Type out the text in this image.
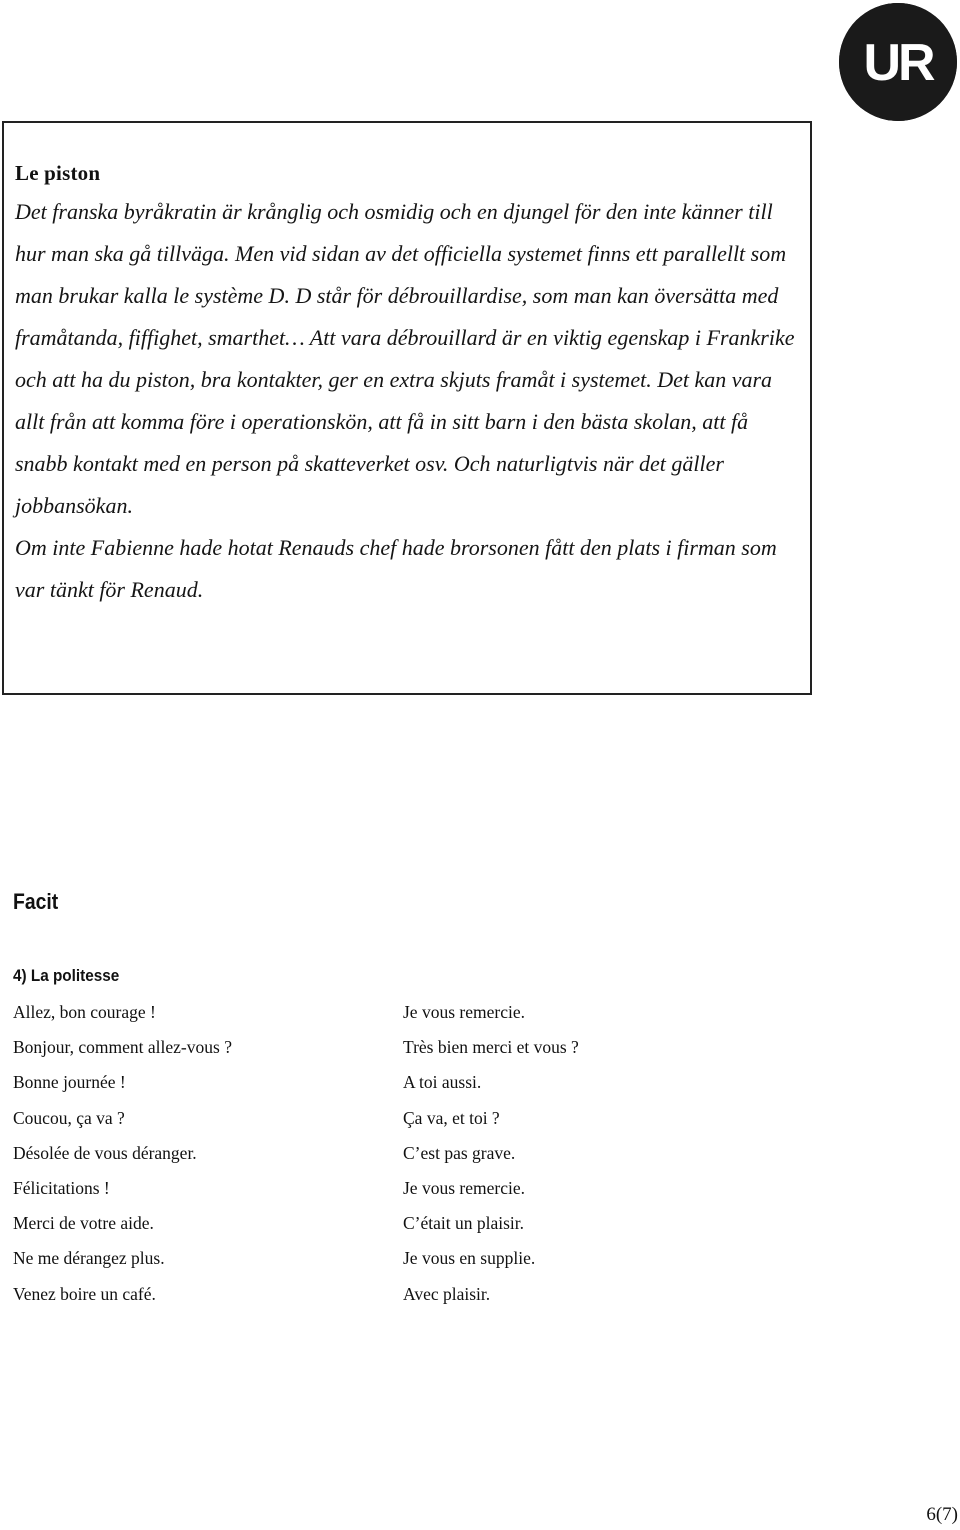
UR
Le piston

Det franska byråkratin är krånglig och osmidig och en djungel för den inte känner till hur man ska gå tillväga. Men vid sidan av det officiella systemet finns ett parallellt som man brukar kalla le système D. D står för débrouillardise, som man kan översätta med framåtanda, fiffighet, smarthet… Att vara débrouillard är en viktig egenskap i Frankrike och att ha du piston, bra kontakter, ger en extra skjuts framåt i systemet. Det kan vara allt från att komma före i operationskön, att få in sitt barn i den bästa skolan, att få snabb kontakt med en person på skatteverket osv. Och naturligtvis när det gäller jobbansökan.

Om inte Fabienne hade hotat Renauds chef hade brorsonen fått den plats i firman som var tänkt för Renaud.

Facit
4) La politesse
Allez, bon courage !	Je vous remercie.
Bonjour, comment allez-vous ?	Très bien merci et vous ?
Bonne journée !	A toi aussi.
Coucou, ça va ?	Ça va, et toi ?
Désolée de vous déranger.	C’est pas grave.
Félicitations !	Je vous remercie.
Merci de votre aide.	C’était un plaisir.
Ne me dérangez plus.	Je vous en supplie.
Venez boire un café.	Avec plaisir.
6(7)
